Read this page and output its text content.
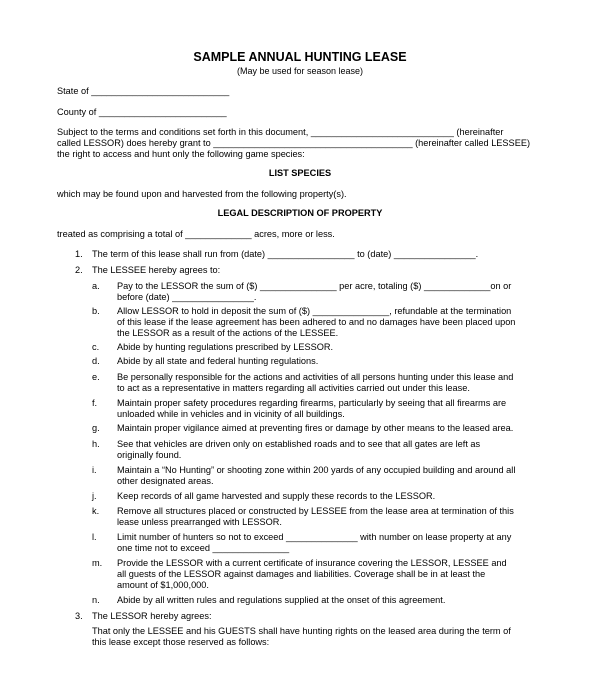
SAMPLE ANNUAL HUNTING LEASE
(May be used for season lease)
State of ___________________________
County of _________________________
Subject to the terms and conditions set forth in this document, ____________________________ (hereinafter
called LESSOR) does hereby grant to _______________________________________ (hereinafter called LESSEE)
the right to access and hunt only the following game species:
LIST SPECIES
which may be found upon and harvested from the following property(s).
LEGAL DESCRIPTION OF PROPERTY
treated as comprising a total of _____________ acres, more or less.
1. The term of this lease shall run from (date) _________________ to (date) ________________.
2. The LESSEE hereby agrees to:
a. Pay to the LESSOR the sum of ($) _______________ per acre, totaling ($) _____________on or
before (date) ________________.
b. Allow LESSOR to hold in deposit the sum of ($) _______________, refundable at the termination
of this lease if the lease agreement has been adhered to and no damages have been placed upon
the LESSOR as a result of the actions of the LESSEE.
c. Abide by hunting regulations prescribed by LESSOR.
d. Abide by all state and federal hunting regulations.
e. Be personally responsible for the actions and activities of all persons hunting under this lease and
to act as a representative in matters regarding all activities carried out under this lease.
f. Maintain proper safety procedures regarding firearms, particularly by seeing that all firearms are
unloaded while in vehicles and in vicinity of all buildings.
g. Maintain proper vigilance aimed at preventing fires or damage by other means to the leased area.
h. See that vehicles are driven only on established roads and to see that all gates are left as
originally found.
i. Maintain a “No Hunting” or shooting zone within 200 yards of any occupied building and around all
other designated areas.
j. Keep records of all game harvested and supply these records to the LESSOR.
k. Remove all structures placed or constructed by LESSEE from the lease area at termination of this
lease unless prearranged with LESSOR.
l. Limit number of hunters so not to exceed ______________ with number on lease property at any
one time not to exceed _______________
m. Provide the LESSOR with a current certificate of insurance covering the LESSOR, LESSEE and
all guests of the LESSOR against damages and liabilities. Coverage shall be in at least the
amount of $1,000,000.
n. Abide by all written rules and regulations supplied at the onset of this agreement.
3. The LESSOR hereby agrees:
That only the LESSEE and his GUESTS shall have hunting rights on the leased area during the term of
this lease except those reserved as follows:
